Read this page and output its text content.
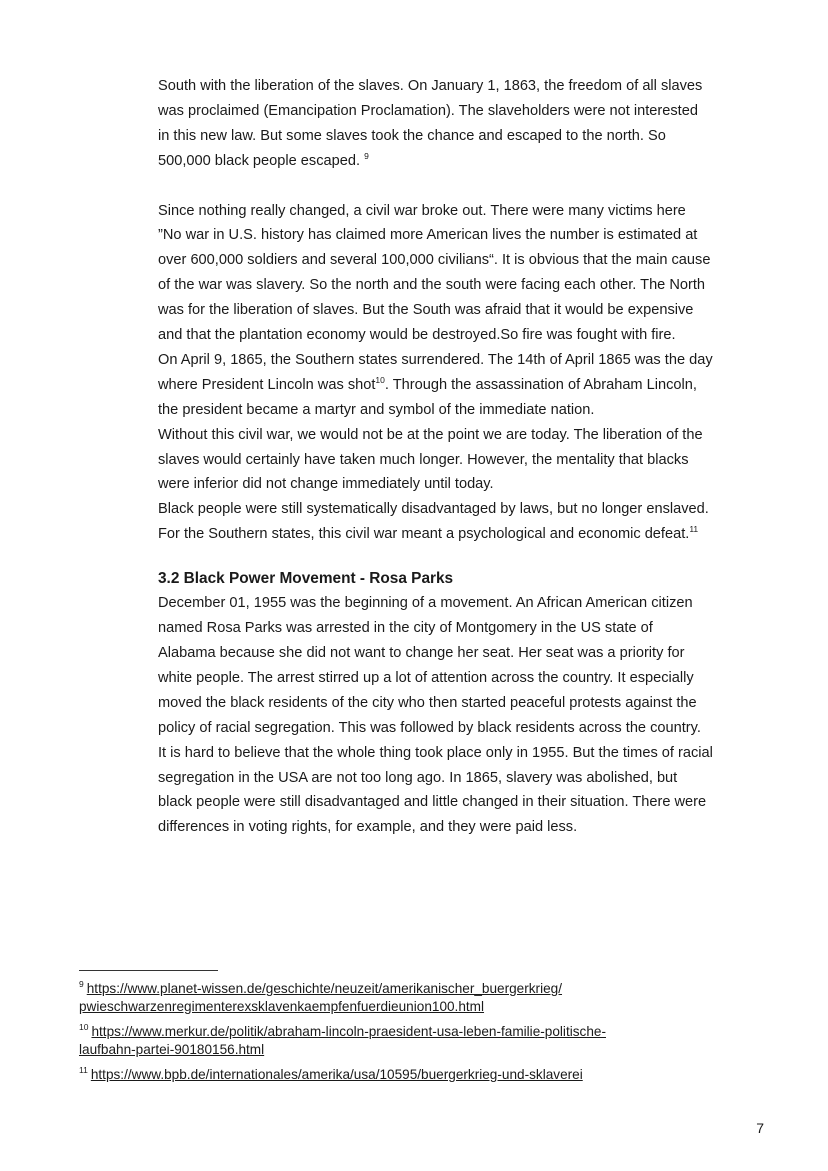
South with the liberation of the slaves. On January 1, 1863, the freedom of all slaves was proclaimed (Emancipation Proclamation). The slaveholders were not interested in this new law. But some slaves took the chance and escaped to the north. So 500,000 black people escaped. $^9$

Since nothing really changed, a civil war broke out. There were many victims here ”No war in U.S. history has claimed more American lives the number is estimated at over 600,000 soldiers and several 100,000 civilians“. It is obvious that the main cause of the war was slavery. So the north and the south were facing each other. The North was for the liberation of slaves. But the South was afraid that it would be expensive and that the plantation economy would be destroyed.So fire was fought with fire.

On April 9, 1865, the Southern states surrendered. The 14th of April 1865 was the day where President Lincoln was shot$^{10}$. Through the assassination of Abraham Lincoln, the president became a martyr and symbol of the immediate nation.

Without this civil war, we would not be at the point we are today. The liberation of the slaves would certainly have taken much longer. However, the mentality that blacks were inferior did not change immediately until today.

Black people were still systematically disadvantaged by laws, but no longer enslaved. For the Southern states, this civil war meant a psychological and economic defeat.$^{11}$

3.2 Black Power Movement - Rosa Parks

December 01, 1955 was the beginning of a movement. An African American citizen named Rosa Parks was arrested in the city of Montgomery in the US state of Alabama because she did not want to change her seat. Her seat was a priority for white people. The arrest stirred up a lot of attention across the country. It especially moved the black residents of the city who then started peaceful protests against the policy of racial segregation. This was followed by black residents across the country. It is hard to believe that the whole thing took place only in 1955. But the times of racial segregation in the USA are not too long ago. In 1865, slavery was abolished, but black people were still disadvantaged and little changed in their situation. There were differences in voting rights, for example, and they were paid less.

$^9$ https://www.planet-wissen.de/geschichte/neuzeit/amerikanischer_buergerkrieg/
pwieschwarzenregimenterexsklavenkaempfenfuerdieunion100.html

$^{10}$ https://www.merkur.de/politik/abraham-lincoln-praesident-usa-leben-familie-politische-
laufbahn-partei-90180156.html

$^{11}$ https://www.bpb.de/internationales/amerika/usa/10595/buergerkrieg-und-sklaverei

7
